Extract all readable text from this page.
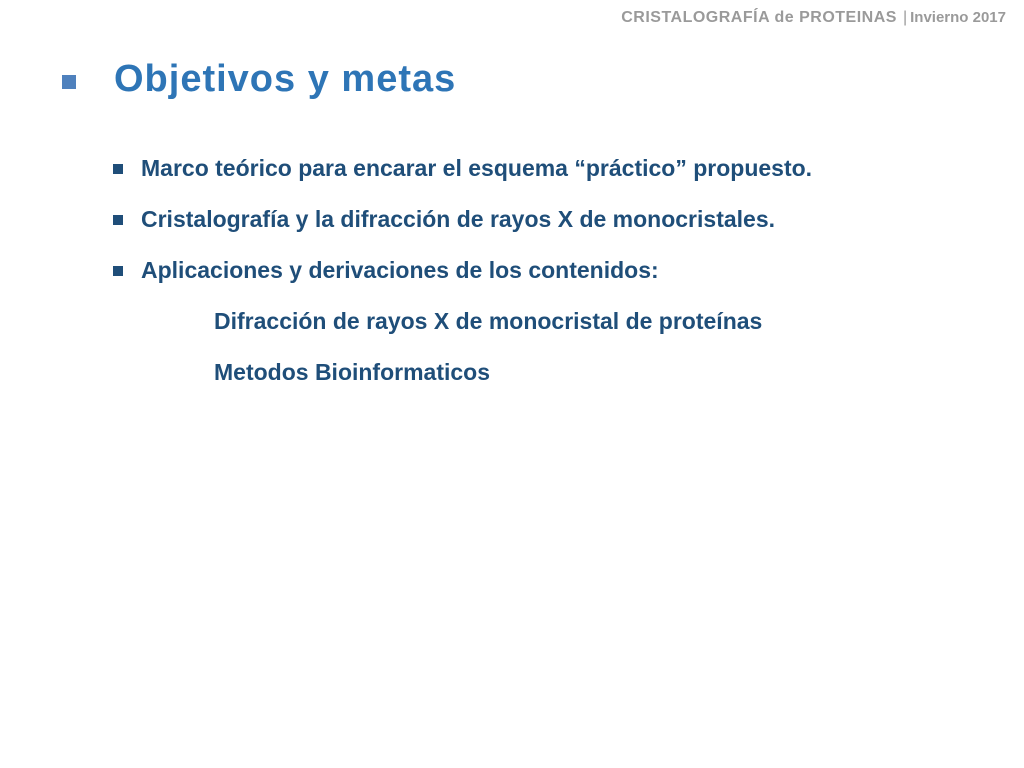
CRISTALOGRAFÍA de PROTEINAS | Invierno 2017
Objetivos y metas
Marco teórico para encarar el esquema “práctico” propuesto.
Cristalografía y la difracción de rayos X de monocristales.
Aplicaciones y derivaciones de los contenidos:
Difracción de rayos X de monocristal de proteínas
Metodos Bioinformaticos
